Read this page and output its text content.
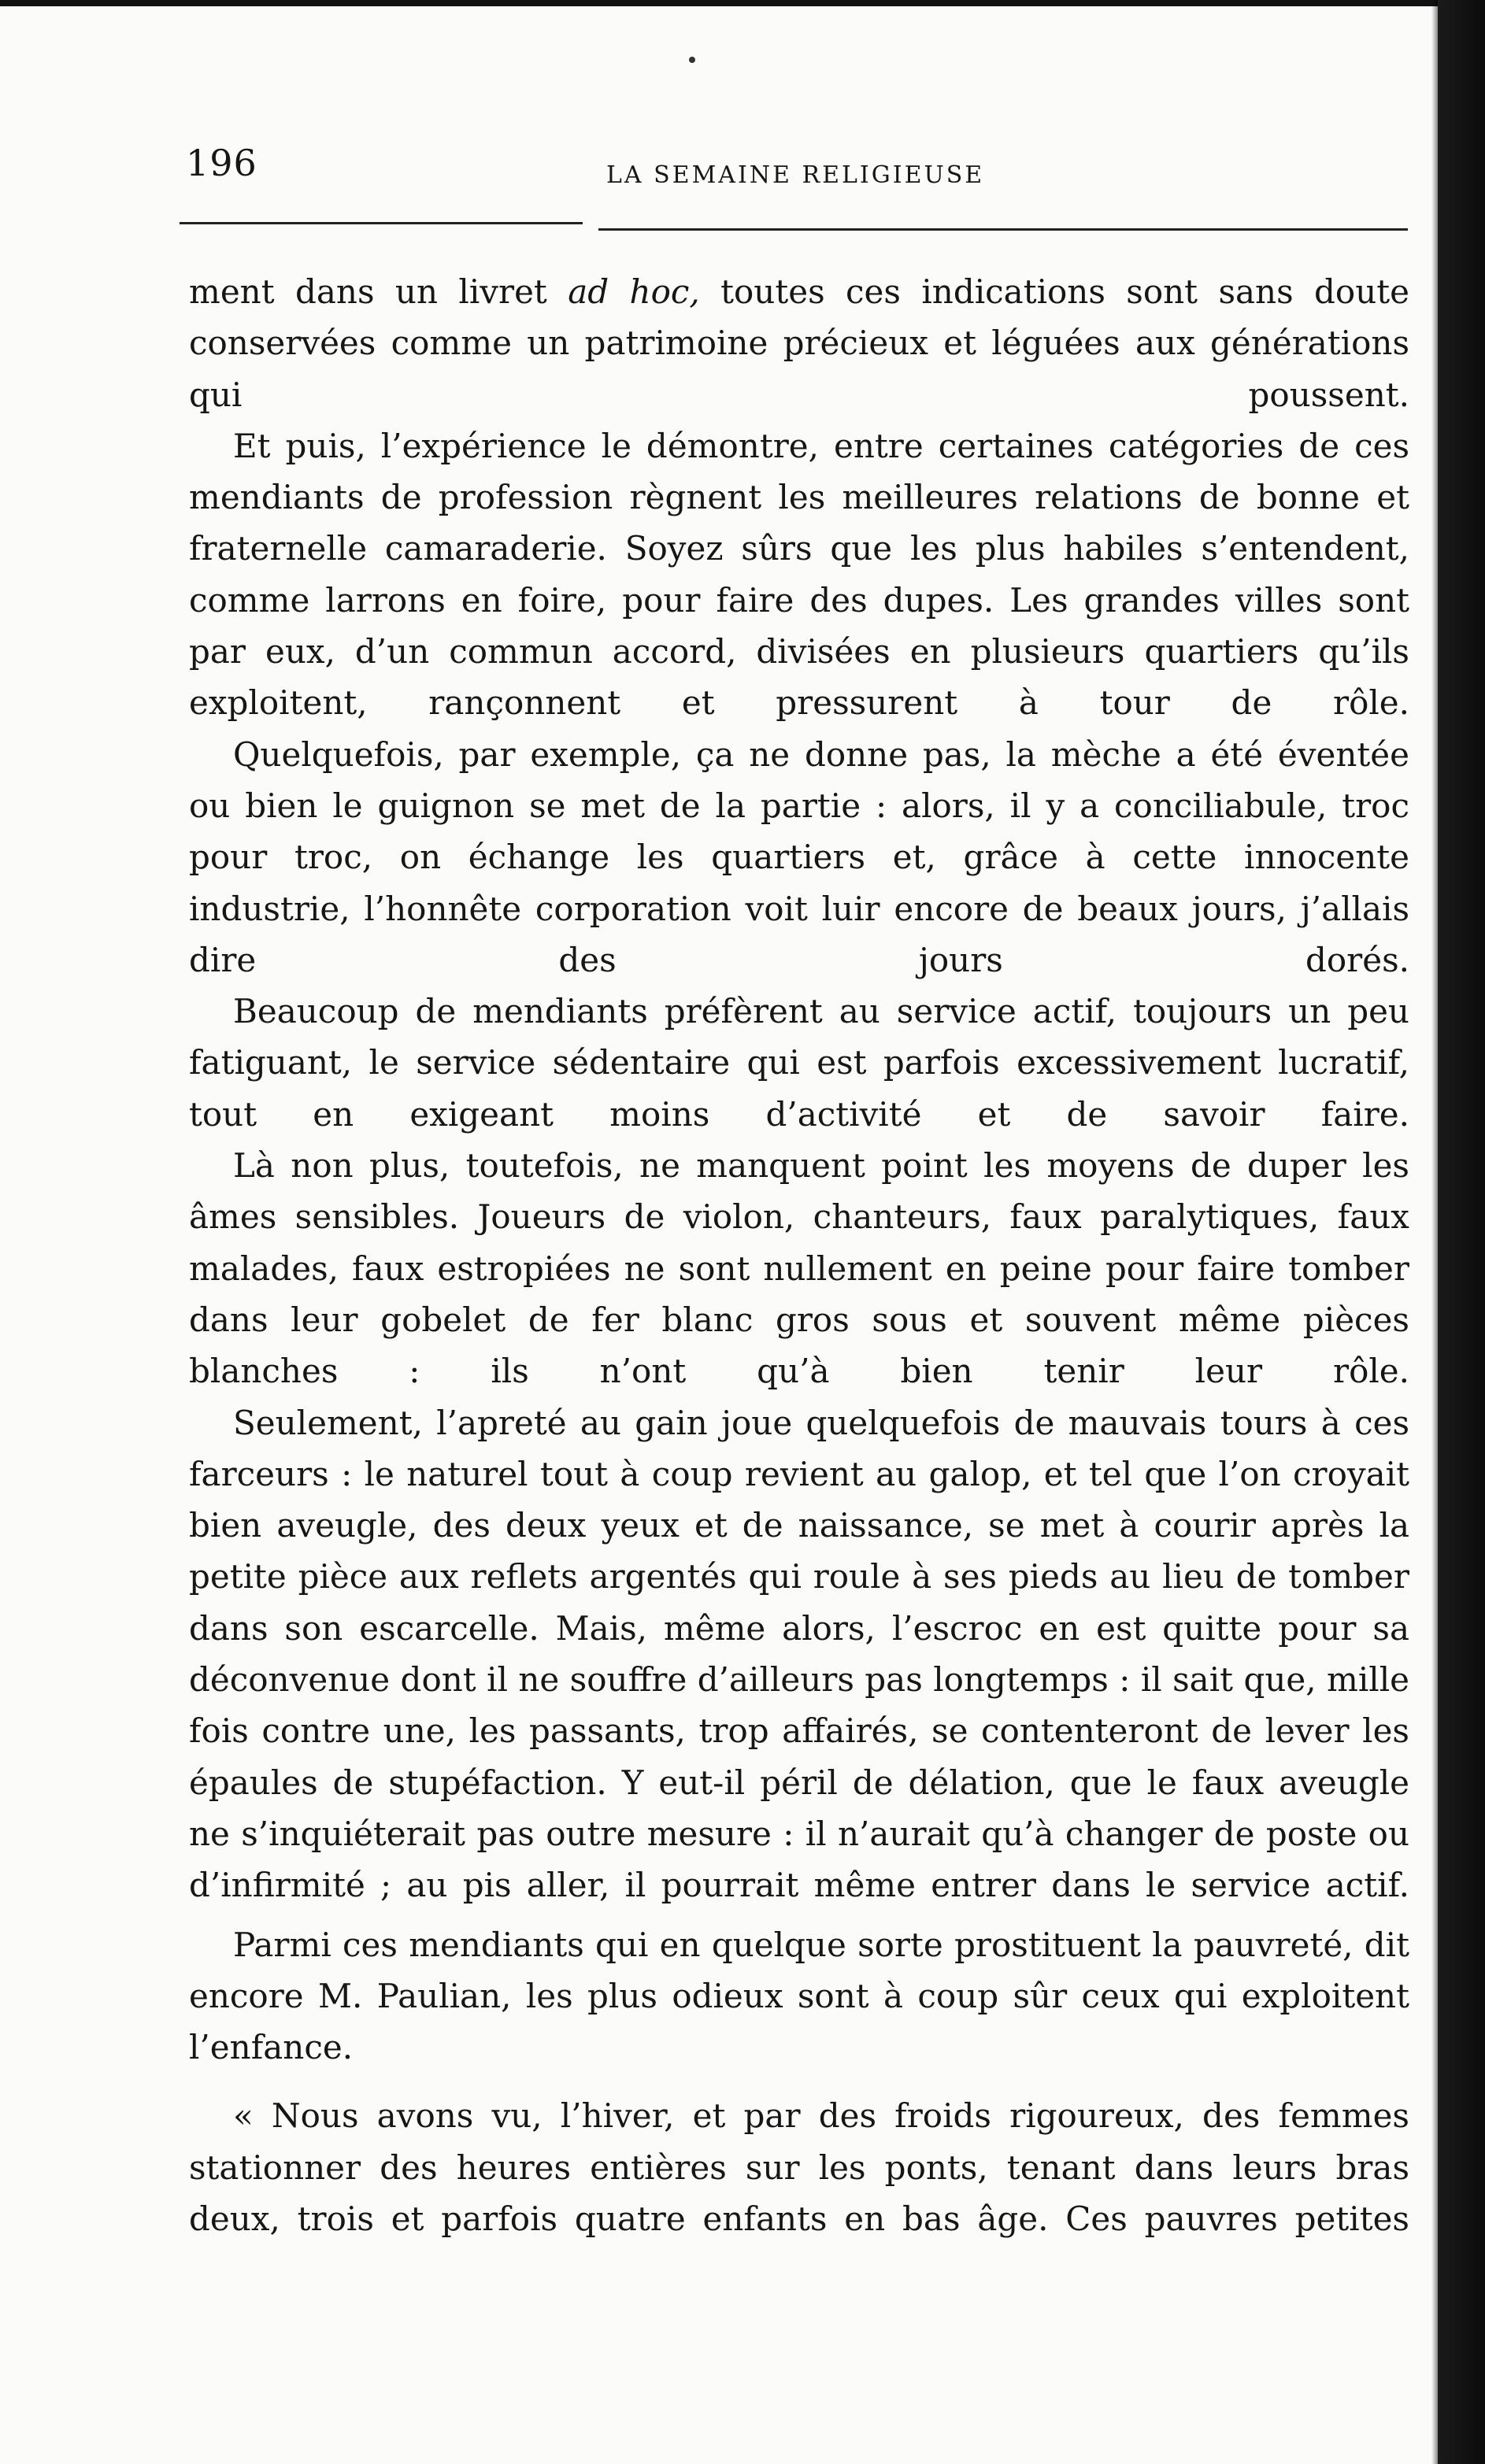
196	LA SEMAINE RELIGIEUSE

ment dans un livret ad hoc, toutes ces indications sont sans doute conservées comme un patrimoine précieux et léguées aux générations qui poussent.

Et puis, l’expérience le démontre, entre certaines catégories de ces mendiants de profession règnent les meilleures relations de bonne et fraternelle camaraderie. Soyez sûrs que les plus habiles s’entendent, comme larrons en foire, pour faire des dupes. Les grandes villes sont par eux, d’un commun accord, divisées en plusieurs quartiers qu’ils exploitent, rançonnent et pressurent à tour de rôle.

Quelquefois, par exemple, ça ne donne pas, la mèche a été éventée ou bien le guignon se met de la partie : alors, il y a conciliabule, troc pour troc, on échange les quartiers et, grâce à cette innocente industrie, l’honnête corporation voit luir encore de beaux jours, j’allais dire des jours dorés.

Beaucoup de mendiants préfèrent au service actif, toujours un peu fatiguant, le service sédentaire qui est parfois excessivement lucratif, tout en exigeant moins d’activité et de savoir faire.

Là non plus, toutefois, ne manquent point les moyens de duper les âmes sensibles. Joueurs de violon, chanteurs, faux paralytiques, faux malades, faux estropiées ne sont nullement en peine pour faire tomber dans leur gobelet de fer blanc gros sous et souvent même pièces blanches : ils n’ont qu’à bien tenir leur rôle.

Seulement, l’apreté au gain joue quelquefois de mauvais tours à ces farceurs : le naturel tout à coup revient au galop, et tel que l’on croyait bien aveugle, des deux yeux et de naissance, se met à courir après la petite pièce aux reflets argentés qui roule à ses pieds au lieu de tomber dans son escarcelle. Mais, même alors, l’escroc en est quitte pour sa déconvenue dont il ne souffre d’ailleurs pas longtemps : il sait que, mille fois contre une, les passants, trop affairés, se contenteront de lever les épaules de stupéfaction. Y eut-il péril de délation, que le faux aveugle ne s’inquiéterait pas outre mesure : il n’aurait qu’à changer de poste ou d’infirmité ; au pis aller, il pourrait même entrer dans le service actif.

Parmi ces mendiants qui en quelque sorte prostituent la pauvreté, dit encore M. Paulian, les plus odieux sont à coup sûr ceux qui exploitent l’enfance.

« Nous avons vu, l’hiver, et par des froids rigoureux, des femmes stationner des heures entières sur les ponts, tenant dans leurs bras deux, trois et parfois quatre enfants en bas âge. Ces pauvres petites
